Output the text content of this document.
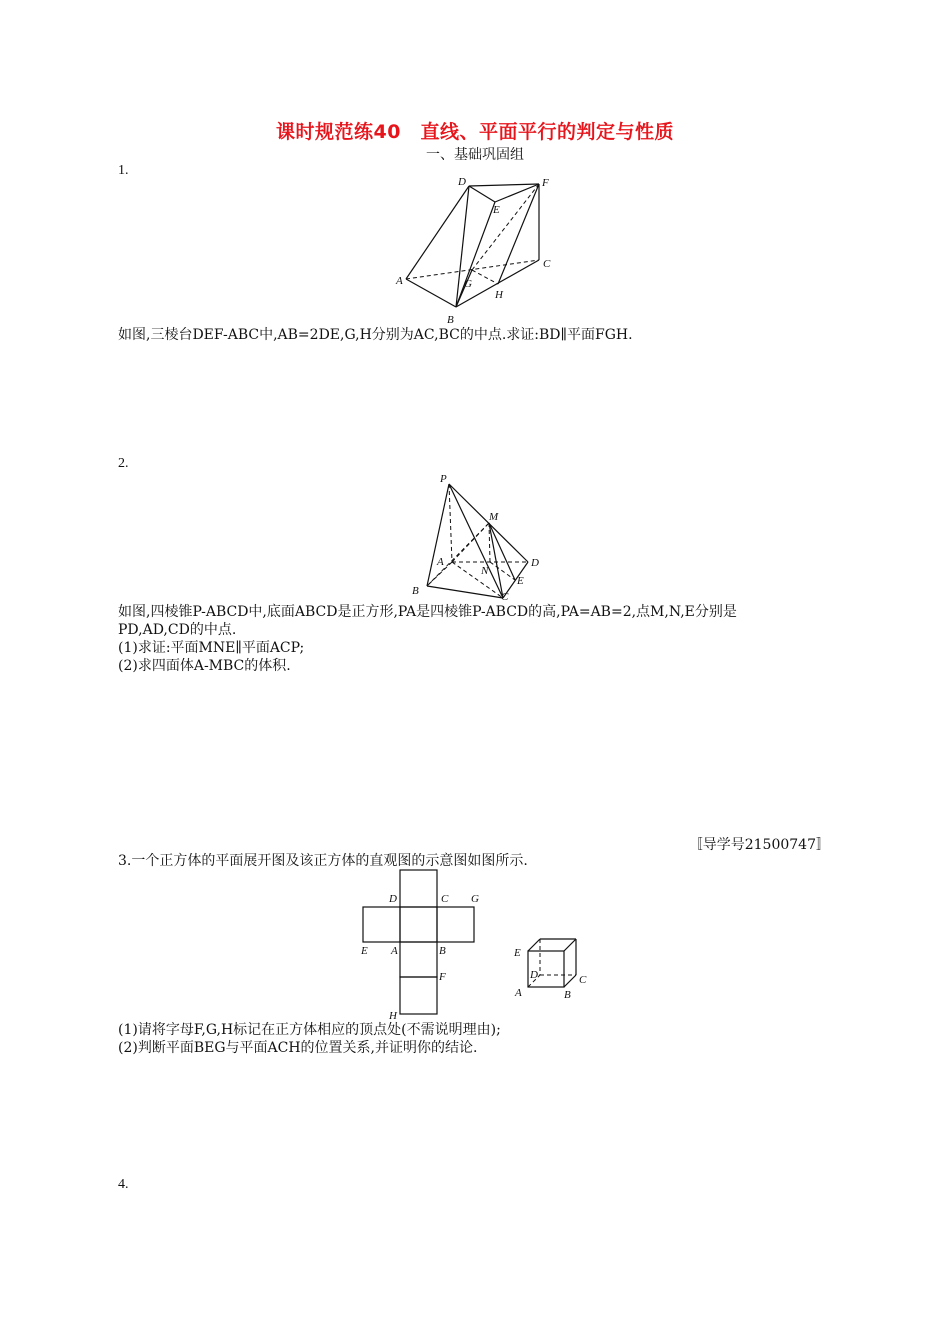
课时规范练40　直线、平面平行的判定与性质
一、基础巩固组
1.
D	F
E
A
C
G
H
B
如图,三棱台DEF-ABC中,AB=2DE,G,H分别为AC,BC的中点.求证:BD∥平面FGH.
2.
P
M
A
N
D
E
B	C
如图,四棱锥P-ABCD中,底面ABCD是正方形,PA是四棱锥P-ABCD的高,PA=AB=2,点M,N,E分别是
PD,AD,CD的中点.
(1)求证:平面MNE∥平面ACP;
(2)求四面体A-MBC的体积.
〚导学号21500747〛
3.一个正方体的平面展开图及该正方体的直观图的示意图如图所示.
D	C G
E A	B
F
H
E
D	C
A	B
(1)请将字母F,G,H标记在正方体相应的顶点处(不需说明理由);
(2)判断平面BEG与平面ACH的位置关系,并证明你的结论.
4.
